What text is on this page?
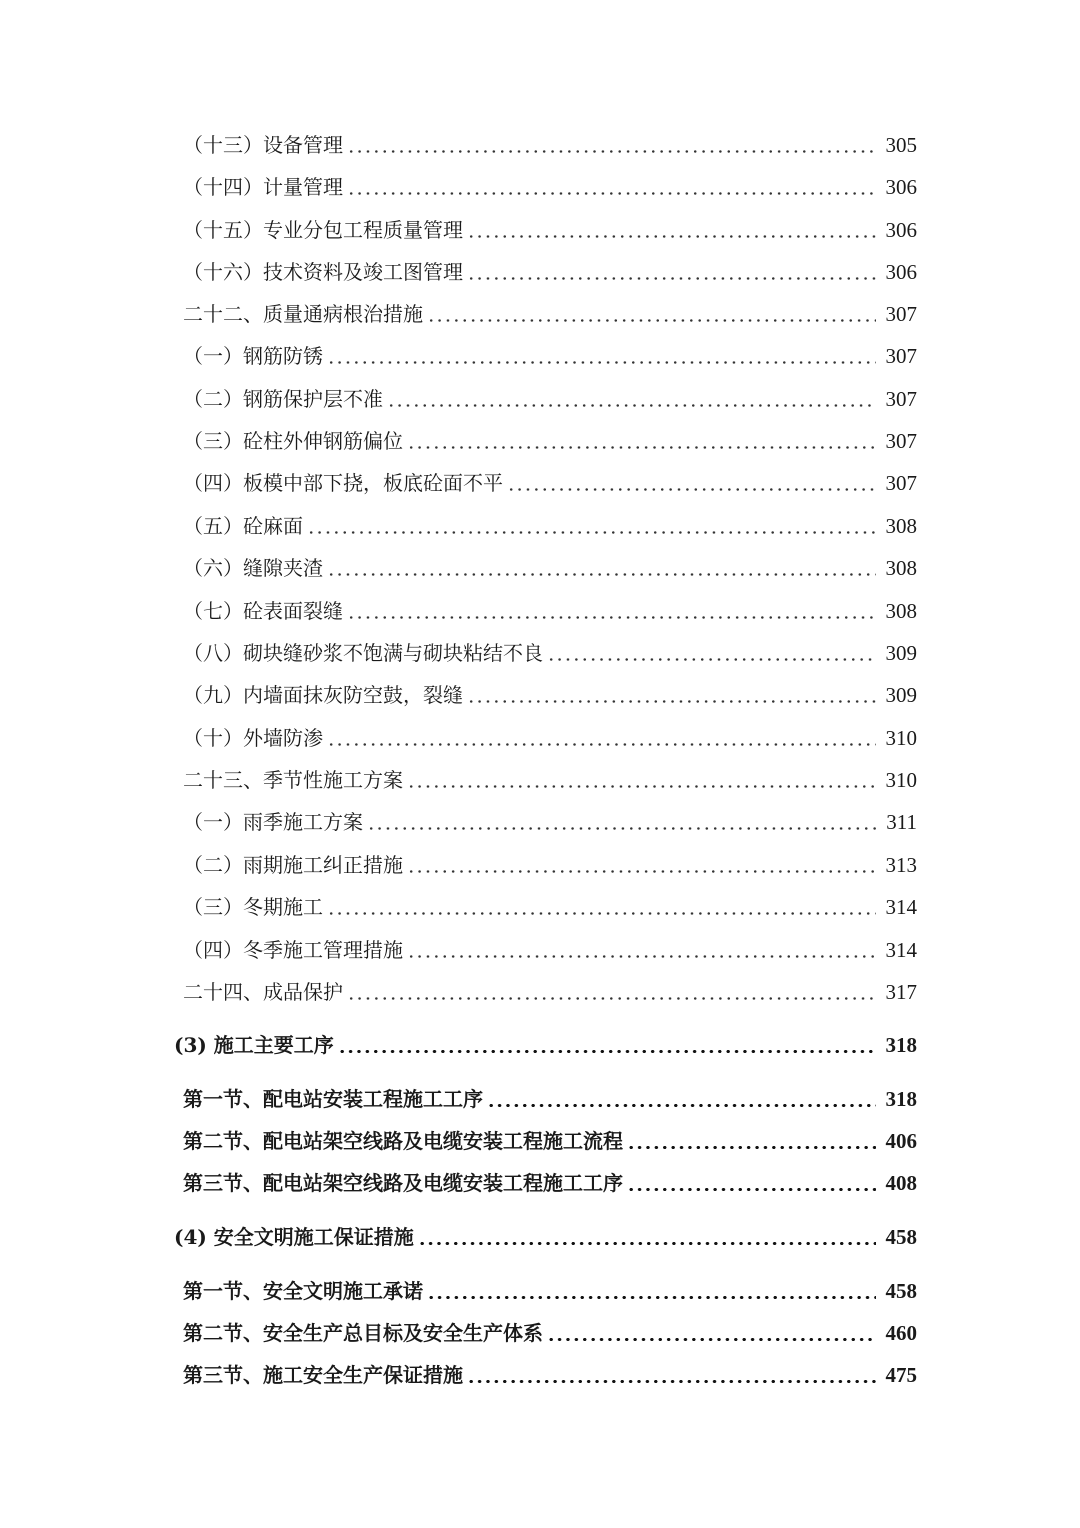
（十三）设备管理	305
（十四）计量管理	306
（十五）专业分包工程质量管理	306
（十六）技术资料及竣工图管理	306
二十二、质量通病根治措施	307
（一）钢筋防锈	307
（二）钢筋保护层不准	307
（三）砼柱外伸钢筋偏位	307
（四）板模中部下挠，板底砼面不平	307
（五）砼麻面	308
（六）缝隙夹渣	308
（七）砼表面裂缝	308
（八）砌块缝砂浆不饱满与砌块粘结不良	309
（九）内墙面抹灰防空鼓，裂缝	309
（十）外墙防渗	310
二十三、季节性施工方案	310
（一）雨季施工方案	311
（二）雨期施工纠正措施	313
（三）冬期施工	314
（四）冬季施工管理措施	314
二十四、成品保护	317
(3) 施工主要工序	318
第一节、配电站安装工程施工工序	318
第二节、配电站架空线路及电缆安装工程施工流程	406
第三节、配电站架空线路及电缆安装工程施工工序	408
(4) 安全文明施工保证措施	458
第一节、安全文明施工承诺	458
第二节、安全生产总目标及安全生产体系	460
第三节、施工安全生产保证措施	475
